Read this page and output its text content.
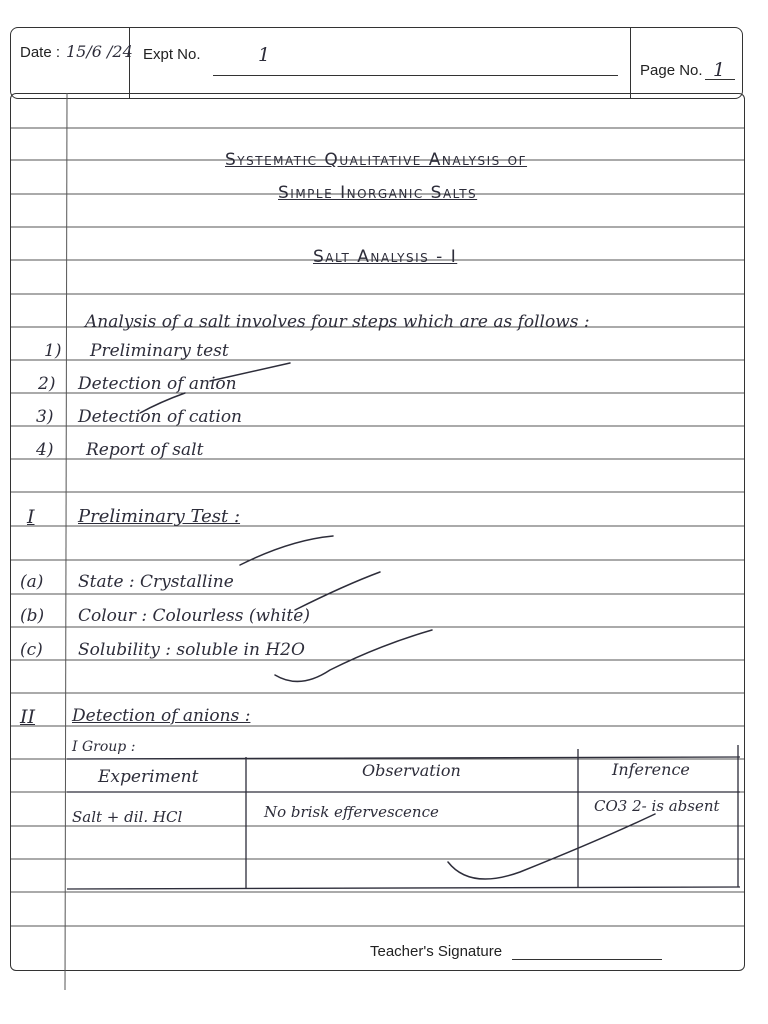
Date : 15/6 /24 Expt No.	1
Page No. 1
Systematic Qualitative Analysis of
Simple Inorganic Salts
Salt Analysis - I
Analysis of a salt involves four steps which are as follows :
1) Preliminary test
2) Detection of anion
3) Detection of cation
4) Report of salt
I Preliminary Test :
(a) State : Crystalline
(b) Colour : Colourless (white)
(c) Solubility : soluble in H2O
II Detection of anions :
I Group :
Experiment	Observation	Inference
Salt + dil. HCl	No brisk effervescence	CO3 2- is absent
Teacher's Signature
